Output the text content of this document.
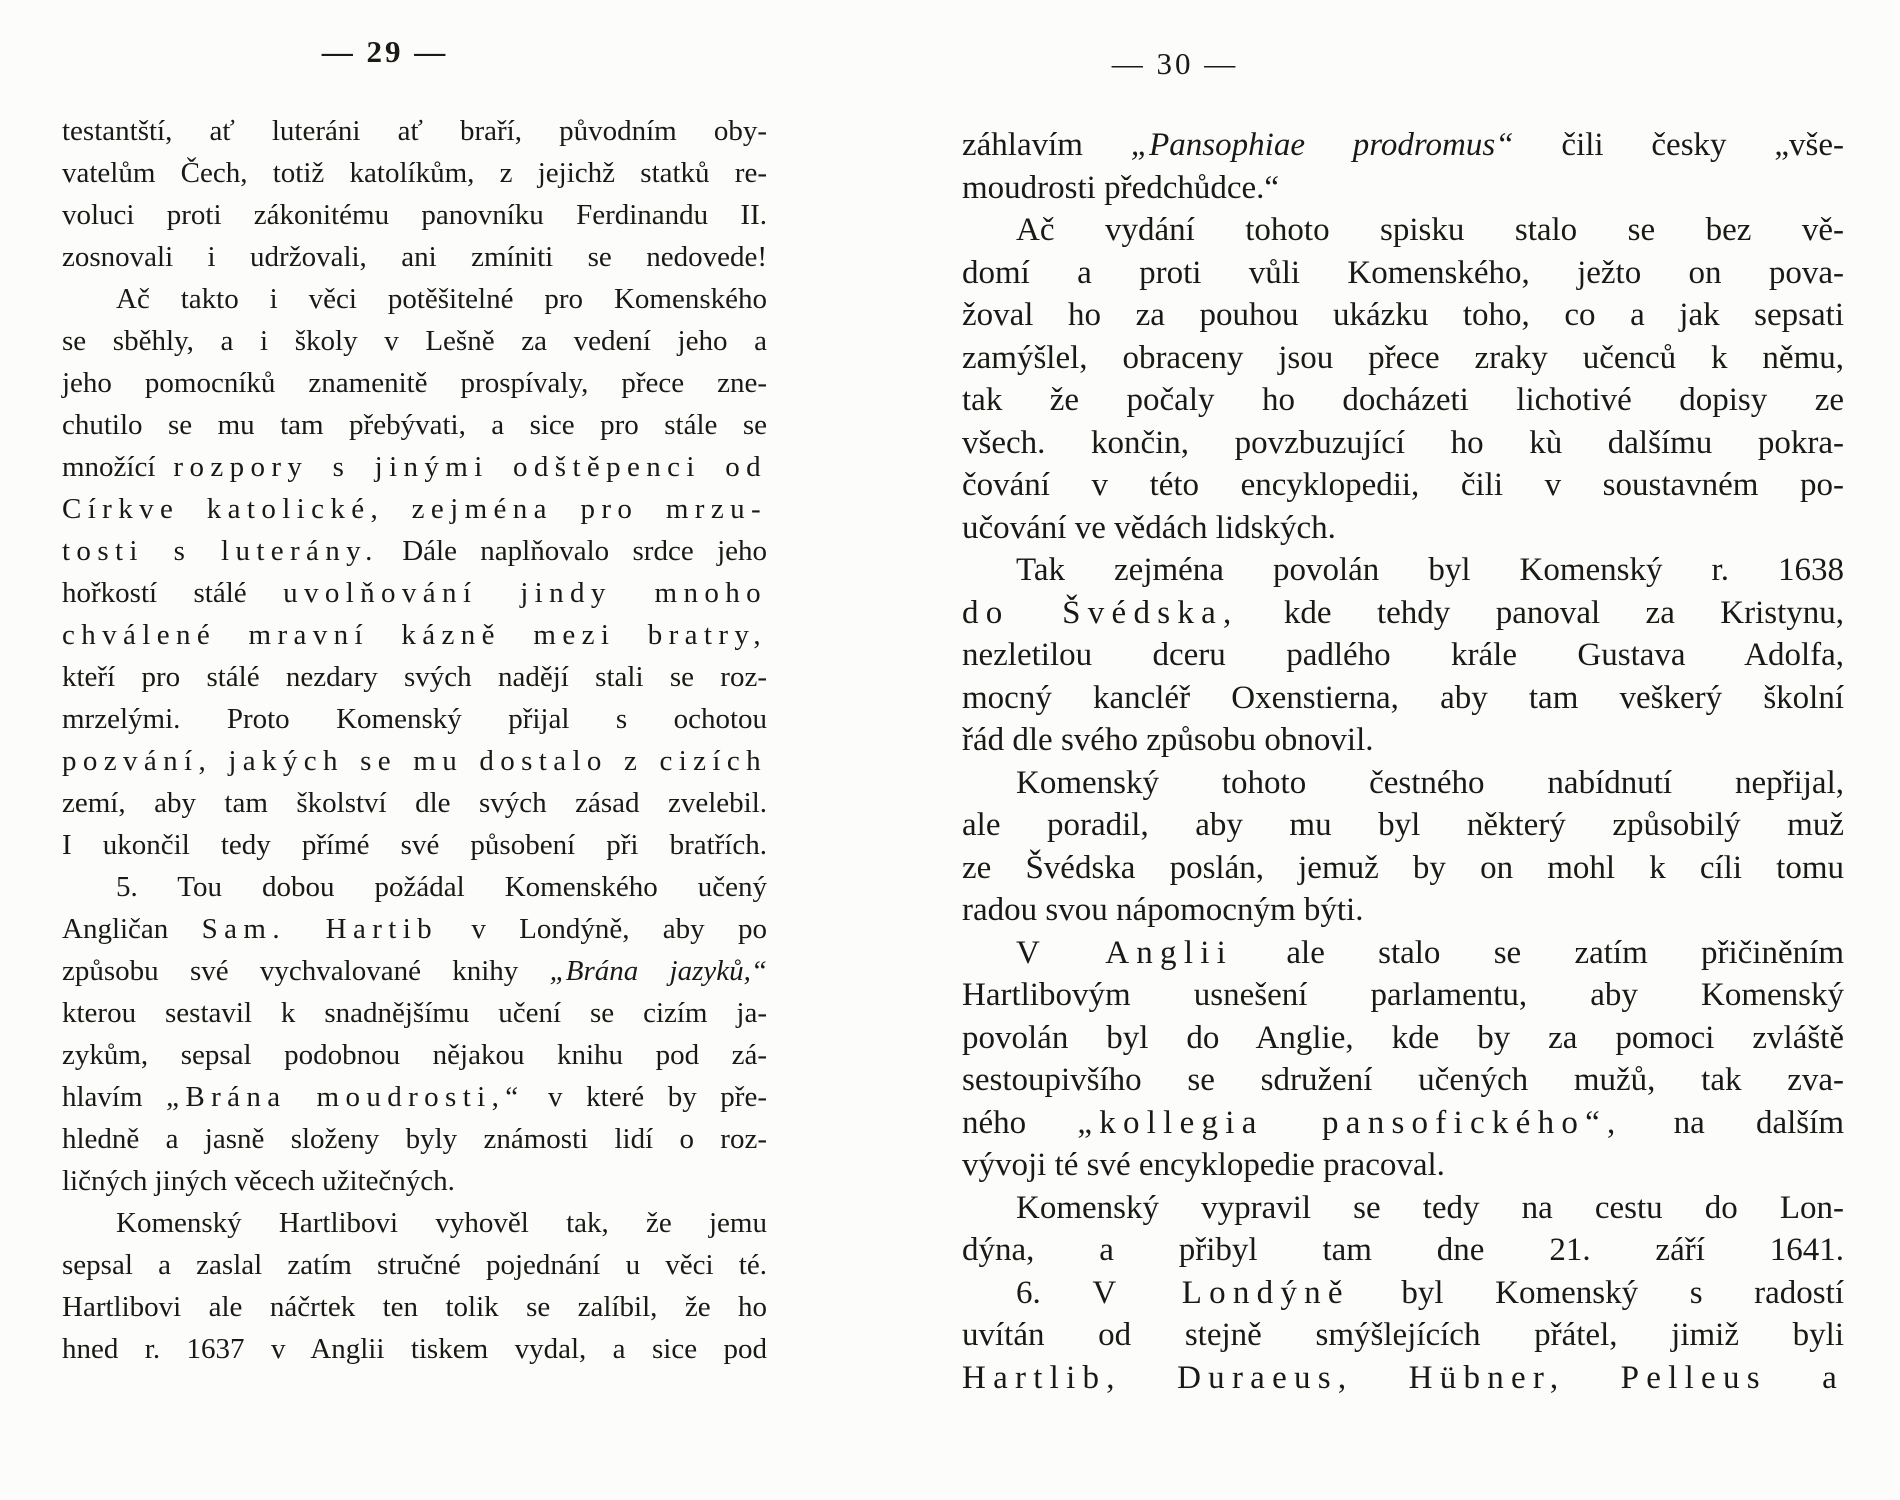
— 29 —	— 30 —
testantští, ať luteráni ať braří, původním oby-
vatelům Čech, totiž katolíkům, z jejichž statků re-
voluci proti zákonitému panovníku Ferdinandu II.
zosnovali i udržovali, ani zmíniti se nedovede!
Ač takto i věci potěšitelné pro Komenského
se sběhly, a i školy v Lešně za vedení jeho a
jeho pomocníků znamenitě prospívaly, přece zne-
chutilo se mu tam přebývati, a sice pro stále se
množící rozpory s jinými odštěpenci od
Církve katolické, zejména pro mrzu-
tosti s luterány. Dále naplňovalo srdce jeho
hořkostí stálé uvolňování jindy mnoho
chválené mravní kázně mezi bratry,
kteří pro stálé nezdary svých nadějí stali se roz-
mrzelými. Proto Komenský přijal s ochotou
pozvání, jakých se mu dostalo z cizích
zemí, aby tam školství dle svých zásad zvelebil.
I ukončil tedy přímé své působení při bratřích.
5. Tou dobou požádal Komenského učený
Angličan Sam. Hartib v Londýně, aby po
způsobu své vychvalované knihy „Brána jazyků,“
kterou sestavil k snadnějšímu učení se cizím ja-
zykům, sepsal podobnou nějakou knihu pod zá-
hlavím „Brána moudrosti,“ v které by pře-
hledně a jasně složeny byly známosti lidí o roz-
ličných jiných věcech užitečných.
Komenský Hartlibovi vyhověl tak, že jemu
sepsal a zaslal zatím stručné pojednání u věci té.
Hartlibovi ale náčrtek ten tolik se zalíbil, že ho
hned r. 1637 v Anglii tiskem vydal, a sice pod
záhlavím „Pansophiae prodromus“ čili česky „vše-
moudrosti předchůdce.“
Ač vydání tohoto spisku stalo se bez vě-
domí a proti vůli Komenského, ježto on pova-
žoval ho za pouhou ukázku toho, co a jak sepsati
zamýšlel, obraceny jsou přece zraky učenců k němu,
tak že počaly ho docházeti lichotivé dopisy ze
všech. končin, povzbuzující ho kù dalšímu pokra-
čování v této encyklopedii, čili v soustavném po-
učování ve vědách lidských.
Tak zejména povolán byl Komenský r. 1638
do Švédska, kde tehdy panoval za Kristynu,
nezletilou dceru padlého krále Gustava Adolfa,
mocný kancléř Oxenstierna, aby tam veškerý školní
řád dle svého způsobu obnovil.
Komenský tohoto čestného nabídnutí nepřijal,
ale poradil, aby mu byl některý způsobilý muž
ze Švédska poslán, jemuž by on mohl k cíli tomu
radou svou nápomocným býti.
V Anglii ale stalo se zatím přičiněním
Hartlibovým usnešení parlamentu, aby Komenský
povolán byl do Anglie, kde by za pomoci zvláště
sestoupivšího se sdružení učených mužů, tak zva-
ného „kollegia pansofického“, na dalším
vývoji té své encyklopedie pracoval.
Komenský vypravil se tedy na cestu do Lon-
dýna, a přibyl tam dne 21. září 1641.
6. V Londýně byl Komenský s radostí
uvítán od stejně smýšlejících přátel, jimiž byli
Hartlib, Duraeus, Hübner, Pelleus a
